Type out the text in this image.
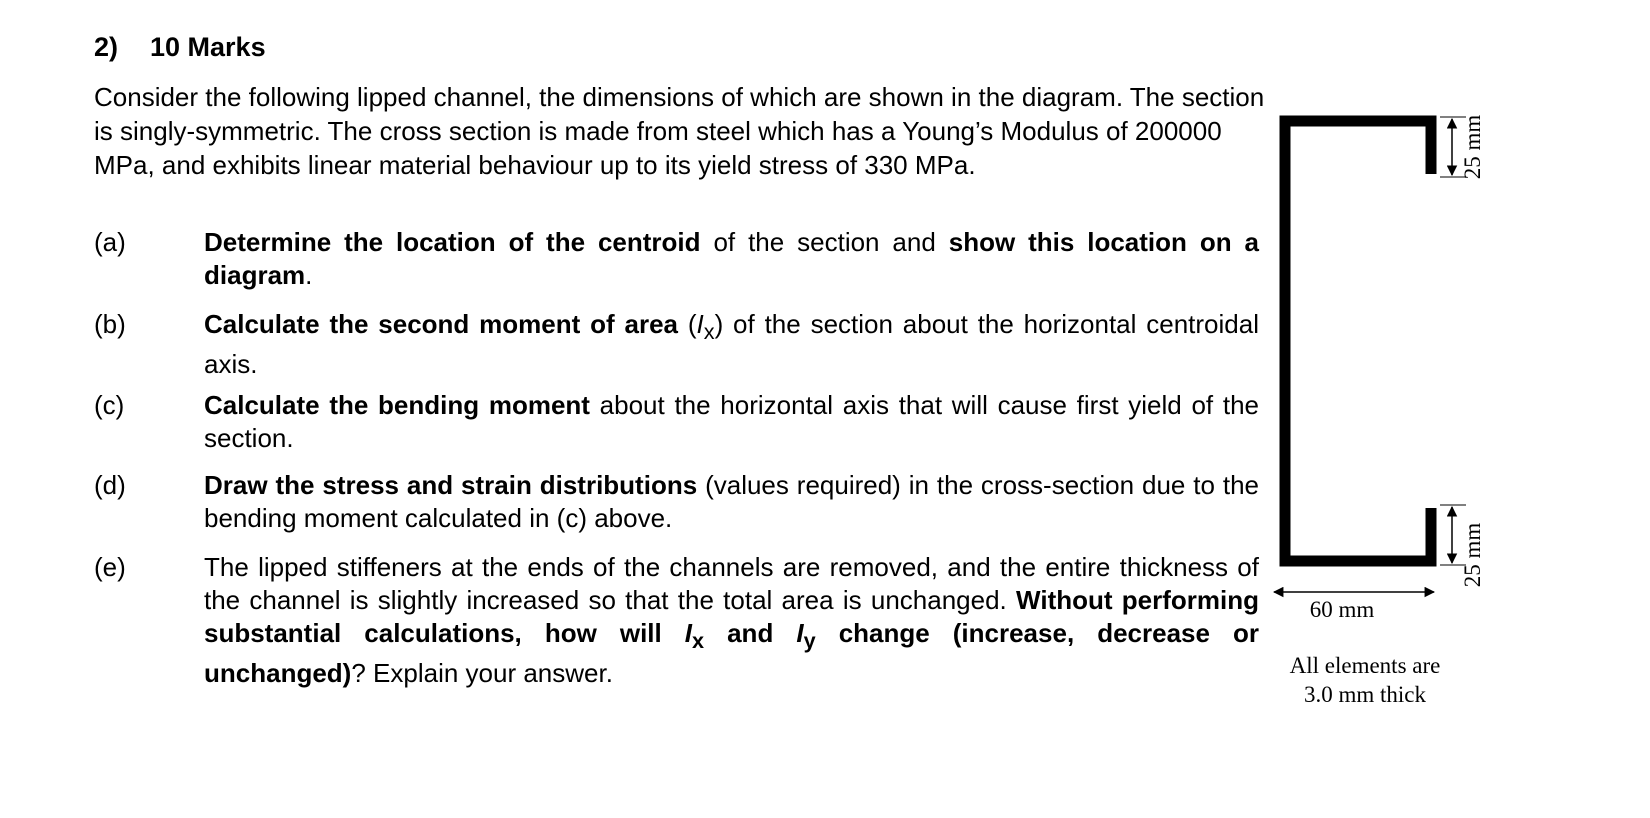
2) 10 Marks
Consider the following lipped channel, the dimensions of which are shown in the diagram. The section is singly-symmetric. The cross section is made from steel which has a Young’s Modulus of 200000 MPa, and exhibits linear material behaviour up to its yield stress of 330 MPa.
(a)	Determine the location of the centroid of the section and show this location on a diagram.
(b)	Calculate the second moment of area $(I_x)$ of the section about the horizontal centroidal axis.
(c)	Calculate the bending moment about the horizontal axis that will cause first yield of the section.
(d)	Draw the stress and strain distributions (values required) in the cross-section due to the bending moment calculated in (c) above.
(e)	The lipped stiffeners at the ends of the channels are removed, and the entire thickness of the channel is slightly increased so that the total area is unchanged. Without performing substantial calculations, how will $I_x$ and $I_y$ change (increase, decrease or unchanged)? Explain your answer.
60 mm
25 mm
25 mm
All elements are
3.0 mm thick
